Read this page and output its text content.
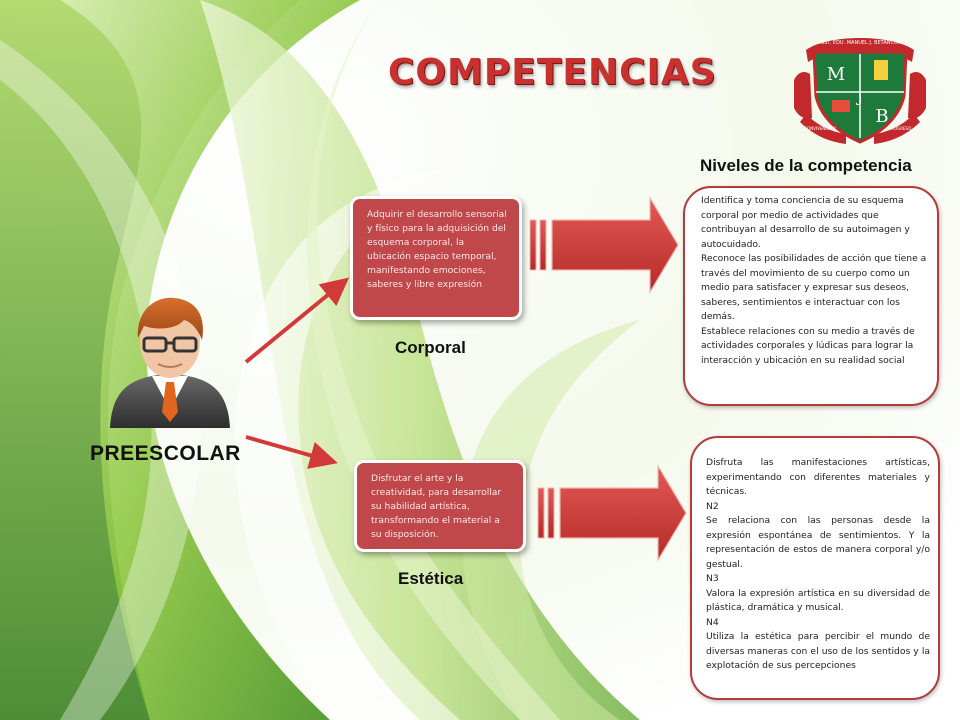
COMPETENCIAS
INST. EDU. MANUEL J. BETANCUR
M
J
B
CONVIVENCIA Y	PROGRESO
Niveles de la competencia
PREESCOLAR
Adquirir el desarrollo sensorial y físico para la adquisición del esquema corporal, la ubicación espacio temporal, manifestando emociones, saberes y libre expresión
Corporal

Identifica y toma conciencia de su esquema corporal por medio de actividades que contribuyan al desarrollo de su autoimagen y autocuidado.

Reconoce las posibilidades de acción que tiene a través del movimiento de su cuerpo como un medio para satisfacer y expresar sus deseos, saberes, sentimientos e interactuar con los demás.

Establece relaciones con su medio a través de actividades corporales y lúdicas para lograr la interacción y ubicación en su realidad social

Disfrutar el arte y la creatividad, para desarrollar su habilidad artística, transformando el material a su disposición.
Estética

Disfruta las manifestaciones artísticas, experimentando con diferentes materiales y técnicas.

N2

Se relaciona con las personas desde la expresión espontánea de sentimientos. Y la representación de estos de manera corporal y/o gestual.

N3

Valora la expresión artística en su diversidad de plástica, dramática y musical.

N4

Utiliza la estética para percibir el mundo de diversas maneras con el uso de los sentidos y la explotación de sus percepciones
